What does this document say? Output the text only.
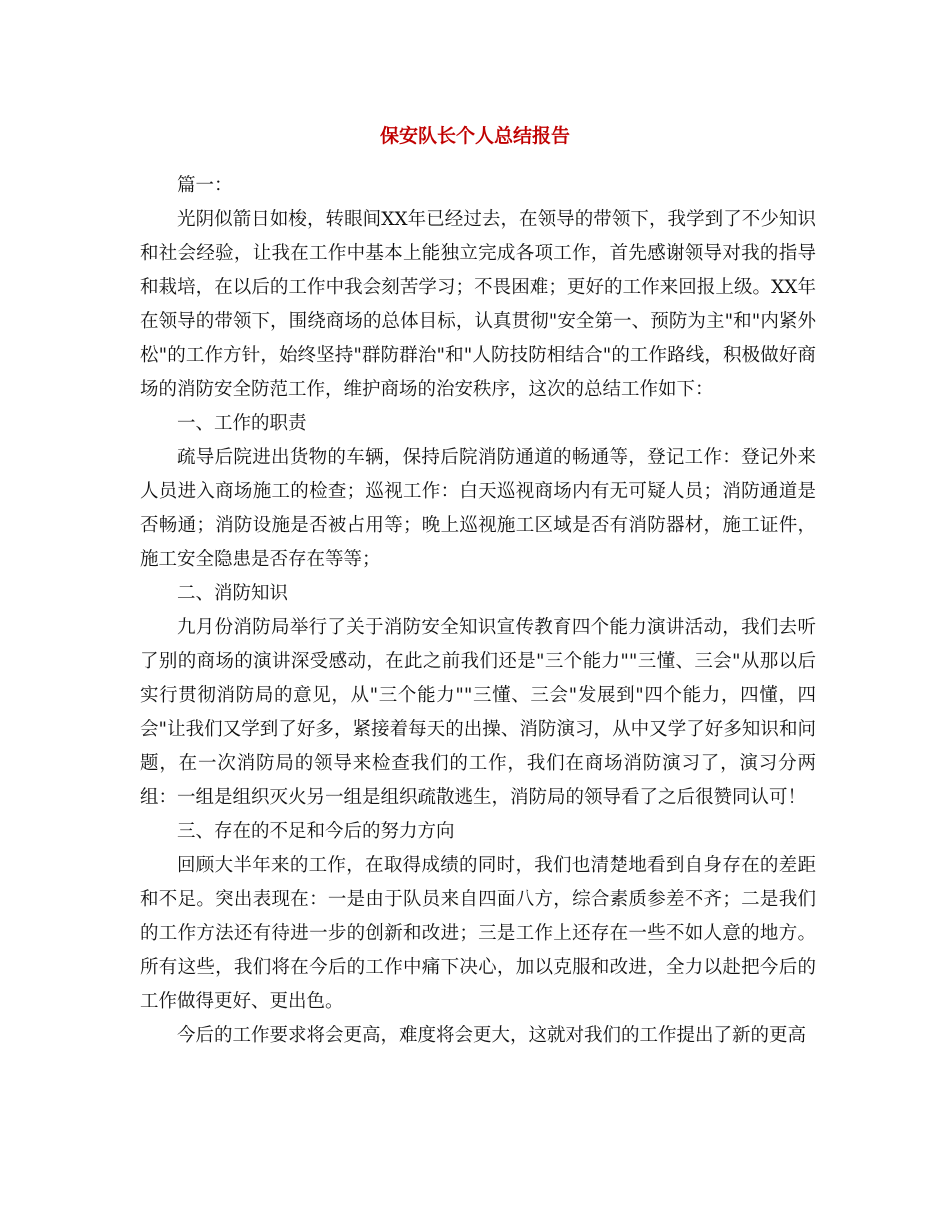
保安队长个人总结报告

篇一：

光阴似箭日如梭，转眼间XX年已经过去，在领导的带领下，我学到了不少知识和社会经验，让我在工作中基本上能独立完成各项工作，首先感谢领导对我的指导和栽培，在以后的工作中我会刻苦学习；不畏困难；更好的工作来回报上级。XX年在领导的带领下，围绕商场的总体目标，认真贯彻"安全第一、预防为主"和"内紧外松"的工作方针，始终坚持"群防群治"和"人防技防相结合"的工作路线，积极做好商场的消防安全防范工作，维护商场的治安秩序，这次的总结工作如下：

一、工作的职责

疏导后院进出货物的车辆，保持后院消防通道的畅通等，登记工作：登记外来人员进入商场施工的检查；巡视工作：白天巡视商场内有无可疑人员；消防通道是否畅通；消防设施是否被占用等；晚上巡视施工区域是否有消防器材，施工证件，施工安全隐患是否存在等等；

二、消防知识

九月份消防局举行了关于消防安全知识宣传教育四个能力演讲活动，我们去听了别的商场的演讲深受感动，在此之前我们还是"三个能力""三懂、三会"从那以后实行贯彻消防局的意见，从"三个能力""三懂、三会"发展到"四个能力，四懂，四会"让我们又学到了好多，紧接着每天的出操、消防演习，从中又学了好多知识和问题，在一次消防局的领导来检查我们的工作，我们在商场消防演习了，演习分两组：一组是组织灭火另一组是组织疏散逃生，消防局的领导看了之后很赞同认可！

三、存在的不足和今后的努力方向

回顾大半年来的工作，在取得成绩的同时，我们也清楚地看到自身存在的差距和不足。突出表现在：一是由于队员来自四面八方，综合素质参差不齐；二是我们的工作方法还有待进一步的创新和改进；三是工作上还存在一些不如人意的地方。所有这些，我们将在今后的工作中痛下决心，加以克服和改进，全力以赴把今后的工作做得更好、更出色。

今后的工作要求将会更高，难度将会更大，这就对我们的工作提出了新的更高
